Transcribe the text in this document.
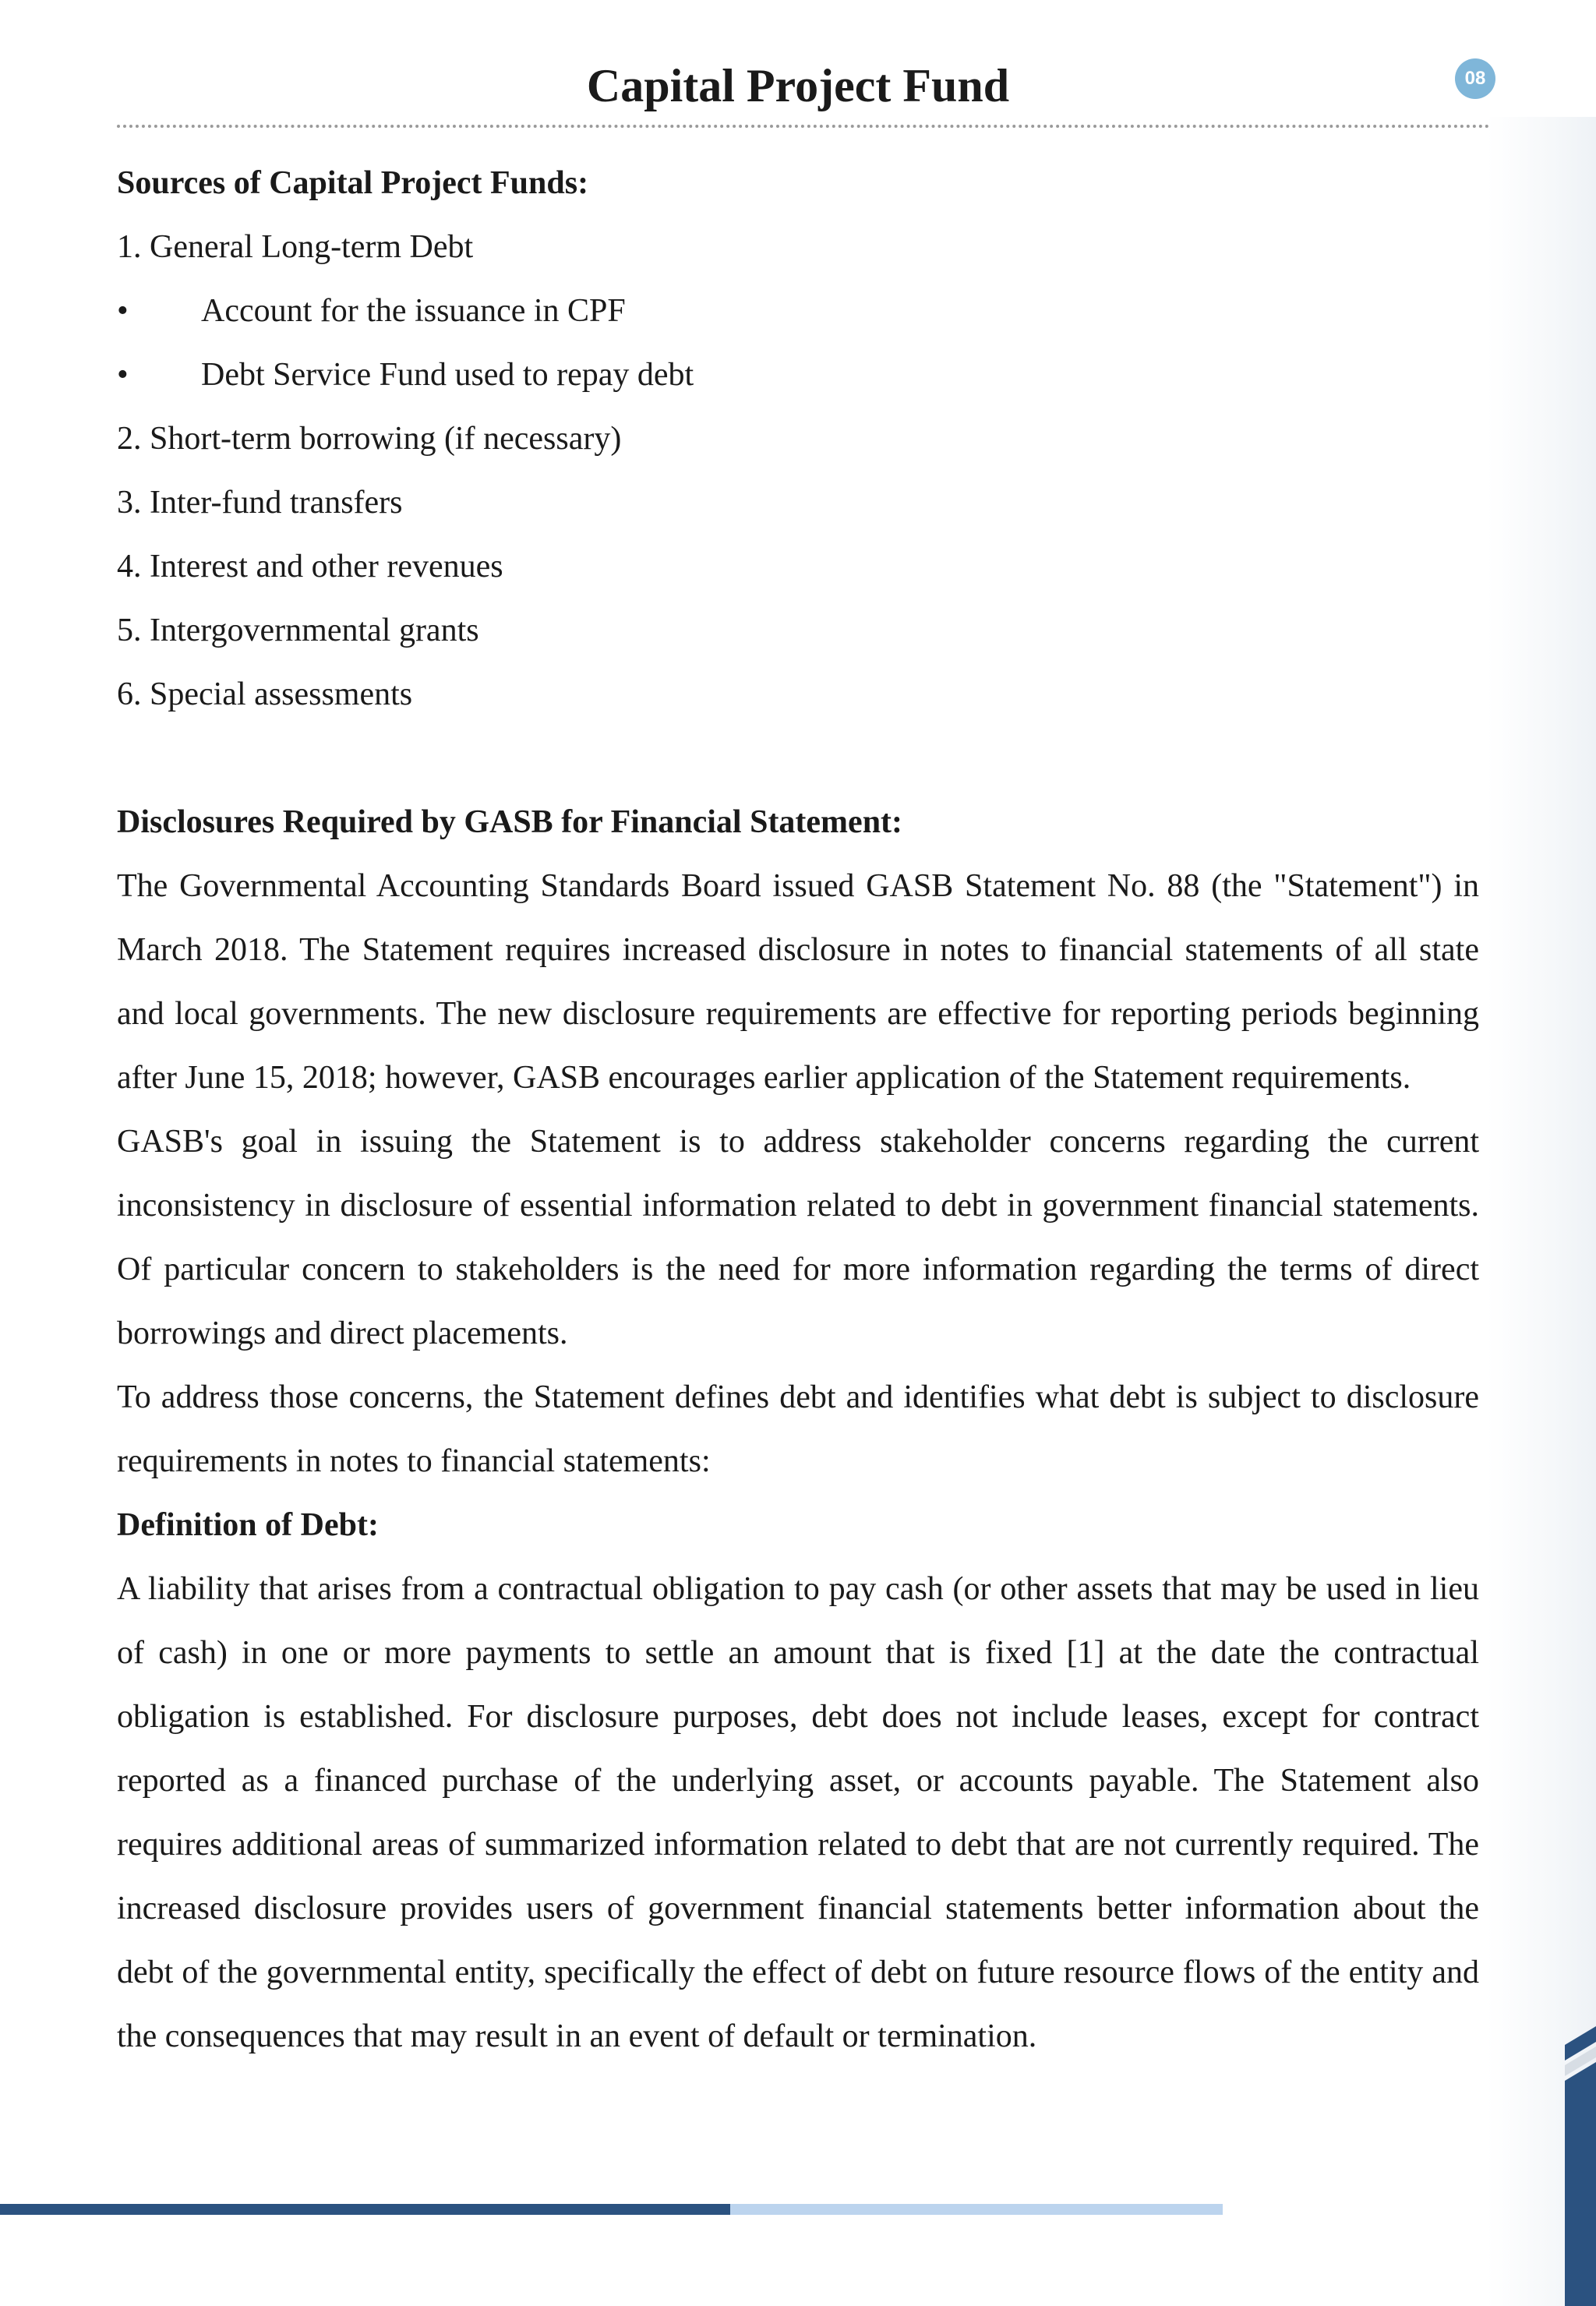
Capital Project Fund	08

Sources of Capital Project Funds:

1. General Long-term Debt

•	Account for the issuance in CPF

•	Debt Service Fund used to repay debt

2. Short-term borrowing (if necessary)

3. Inter-fund transfers

4. Interest and other revenues

5. Intergovernmental grants

6. Special assessments

Disclosures Required by GASB for Financial Statement:

The Governmental Accounting Standards Board issued GASB Statement No. 88 (the "Statement") in March 2018. The Statement requires increased disclosure in notes to financial statements of all state and local governments. The new disclosure requirements are effective for reporting periods beginning after June 15, 2018; however, GASB encourages earlier application of the Statement requirements.

GASB's goal in issuing the Statement is to address stakeholder concerns regarding the current inconsistency in disclosure of essential information related to debt in government financial statements. Of particular concern to stakeholders is the need for more information regarding the terms of direct borrowings and direct placements.

To address those concerns, the Statement defines debt and identifies what debt is subject to disclosure requirements in notes to financial statements:

Definition of Debt:

A liability that arises from a contractual obligation to pay cash (or other assets that may be used in lieu of cash) in one or more payments to settle an amount that is fixed [1] at the date the contractual obligation is established. For disclosure purposes, debt does not include leases, except for contract reported as a financed purchase of the underlying asset, or accounts payable. The Statement also requires additional areas of summarized information related to debt that are not currently required. The increased disclosure provides users of government financial statements better information about the debt of the governmental entity, specifically the effect of debt on future resource flows of the entity and the consequences that may result in an event of default or termination.
